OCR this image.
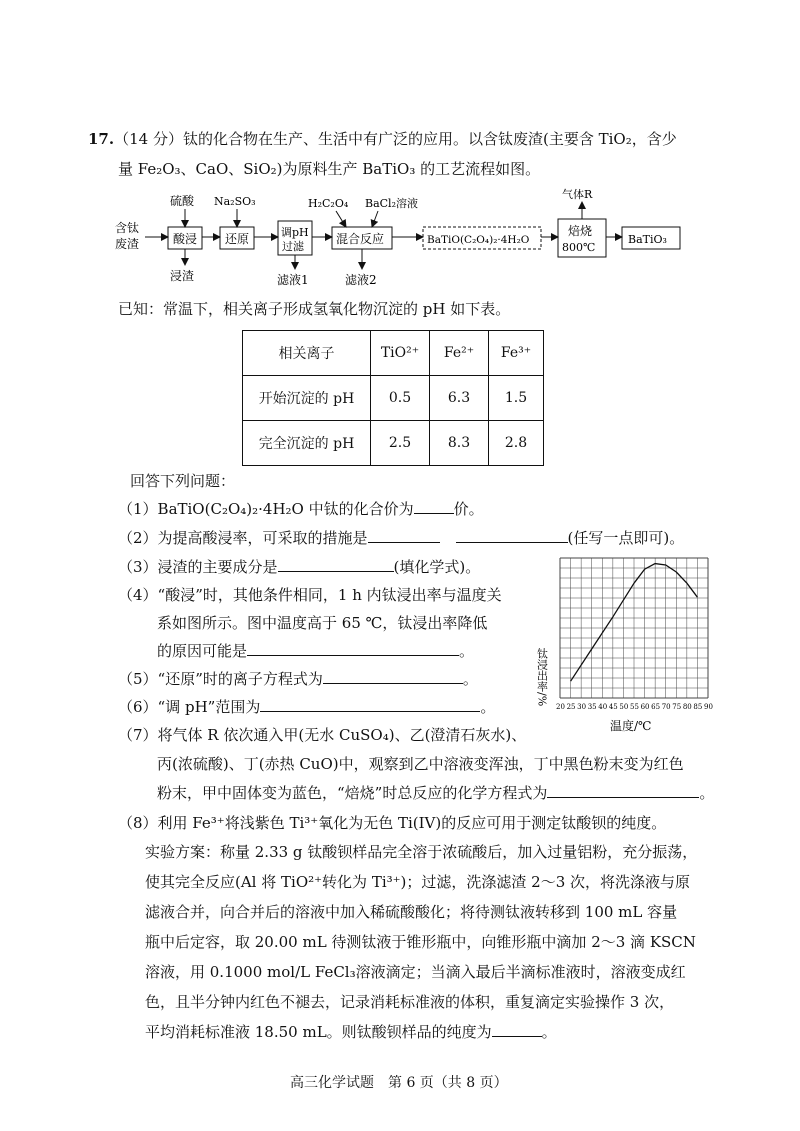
17.（14 分）钛的化合物在生产、生活中有广泛的应用。以含钛废渣(主要含 TiO₂，含少
量 Fe₂O₃、CaO、SiO₂)为原料生产 BaTiO₃ 的工艺流程如图。
含钛
废渣	酸浸
硫酸
浸渣
还原
Na₂SO₃
调pH
过滤
滤液1
混合反应
H₂C₂O₄ BaCl₂溶液
滤液2
BaTiO(C₂O₄)₂·4H₂O
焙烧
800℃
气体R
BaTiO₃
已知：常温下，相关离子形成氢氧化物沉淀的 pH 如下表。
相关离子	TiO²⁺	Fe²⁺	Fe³⁺
开始沉淀的 pH	0.5	6.3	1.5
完全沉淀的 pH	2.5	8.3	2.8
回答下列问题：
（1）BaTiO(C₂O₄)₂·4H₂O 中钛的化合价为	价。
（2）为提高酸浸率，可采取的措施是	(任写一点即可)。
（3）浸渣的主要成分是	(填化学式)。
（4）“酸浸”时，其他条件相同，1 h 内钛浸出率与温度关
系如图所示。图中温度高于 65 ℃，钛浸出率降低
的原因可能是	。
（5）“还原”时的离子方程式为	。
（6）“调 pH”范围为	。
（7）将气体 R 依次通入甲(无水 CuSO₄)、乙(澄清石灰水)、
丙(浓硫酸)、丁(赤热 CuO)中，观察到乙中溶液变浑浊，丁中黑色粉末变为红色
粉末，甲中固体变为蓝色，“焙烧”时总反应的化学方程式为	。
（8）利用 Fe³⁺将浅紫色 Ti³⁺氧化为无色 Ti(IV)的反应可用于测定钛酸钡的纯度。
实验方案：称量 2.33 g 钛酸钡样品完全溶于浓硫酸后，加入过量铝粉，充分振荡，
使其完全反应(Al 将 TiO²⁺转化为 Ti³⁺)；过滤，洗涤滤渣 2～3 次，将洗涤液与原
滤液合并，向合并后的溶液中加入稀硫酸酸化；将待测钛液转移到 100 mL 容量
瓶中后定容，取 20.00 mL 待测钛液于锥形瓶中，向锥形瓶中滴加 2～3 滴 KSCN
溶液，用 0.1000 mol/L FeCl₃溶液滴定；当滴入最后半滴标准液时，溶液变成红
色，且半分钟内红色不褪去，记录消耗标准液的体积，重复滴定实验操作 3 次，
平均消耗标准液 18.50 mL。则钛酸钡样品的纯度为	。
20 25 30 35 40 45 50 55 60 65 70 75 80 85 90
钛浸出率/%
温度/℃
高三化学试题　第 6 页（共 8 页）
